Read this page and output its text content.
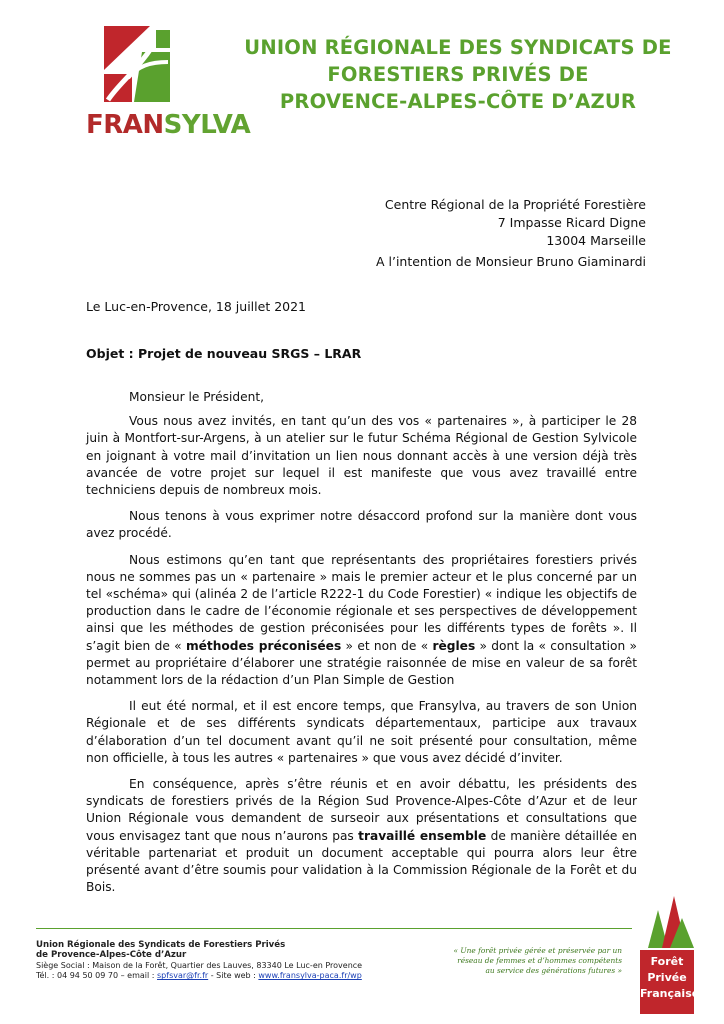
FRANSYLVA
UNION RÉGIONALE DES SYNDICATS DE
FORESTIERS PRIVÉS DE
PROVENCE-ALPES-CÔTE D’AZUR
Centre Régional de la Propriété Forestière
7 Impasse Ricard Digne
13004 Marseille
A l’intention de Monsieur Bruno Giaminardi
Le Luc-en-Provence, 18 juillet 2021
Objet : Projet de nouveau SRGS – LRAR
Monsieur le Président,

Vous nous avez invités, en tant qu’un des vos « partenaires », à participer le 28 juin à Montfort-sur-Argens, à un atelier sur le futur Schéma Régional de Gestion Sylvicole en joignant à votre mail d’invitation un lien nous donnant accès à une version déjà très avancée de votre projet sur lequel il est manifeste que vous avez travaillé entre techniciens depuis de nombreux mois.

Nous tenons à vous exprimer notre désaccord profond sur la manière dont vous avez procédé.

Nous estimons qu’en tant que représentants des propriétaires forestiers privés nous ne sommes pas un « partenaire » mais le premier acteur et le plus concerné par un tel «schéma» qui (alinéa 2 de l’article R222-1 du Code Forestier) « indique les objectifs de production dans le cadre de l’économie régionale et ses perspectives de développement ainsi que les méthodes de gestion préconisées pour les différents types de forêts ». Il s’agit bien de « méthodes préconisées » et non de « règles » dont la « consultation » permet au propriétaire d’élaborer une stratégie raisonnée de mise en valeur de sa forêt notamment lors de la rédaction d’un Plan Simple de Gestion

Il eut été normal, et il est encore temps, que Fransylva, au travers de son Union Régionale et de ses différents syndicats départementaux, participe aux travaux d’élaboration d’un tel document avant qu’il ne soit présenté pour consultation, même non officielle, à tous les autres « partenaires » que vous avez décidé d’inviter.

En conséquence, après s’être réunis et en avoir débattu, les présidents des syndicats de forestiers privés de la Région Sud Provence-Alpes-Côte d’Azur et de leur Union Régionale vous demandent de surseoir aux présentations et consultations que vous envisagez tant que nous n’aurons pas travaillé ensemble de manière détaillée en véritable partenariat et produit un document acceptable qui pourra alors leur être présenté avant d’être soumis pour validation à la Commission Régionale de la Forêt et du Bois.

Union Régionale des Syndicats de Forestiers Privés
de Provence-Alpes-Côte d’Azur
Siège Social : Maison de la Forêt, Quartier des Lauves, 83340 Le Luc-en Provence
Tél. : 04 94 50 09 70 – email : spfsvar@fr.fr - Site web : www.fransylva-paca.fr/wp
« Une forêt privée gérée et préservée par un
réseau de femmes et d’hommes compétents
au service des générations futures »
Forêt
Privée
Française
